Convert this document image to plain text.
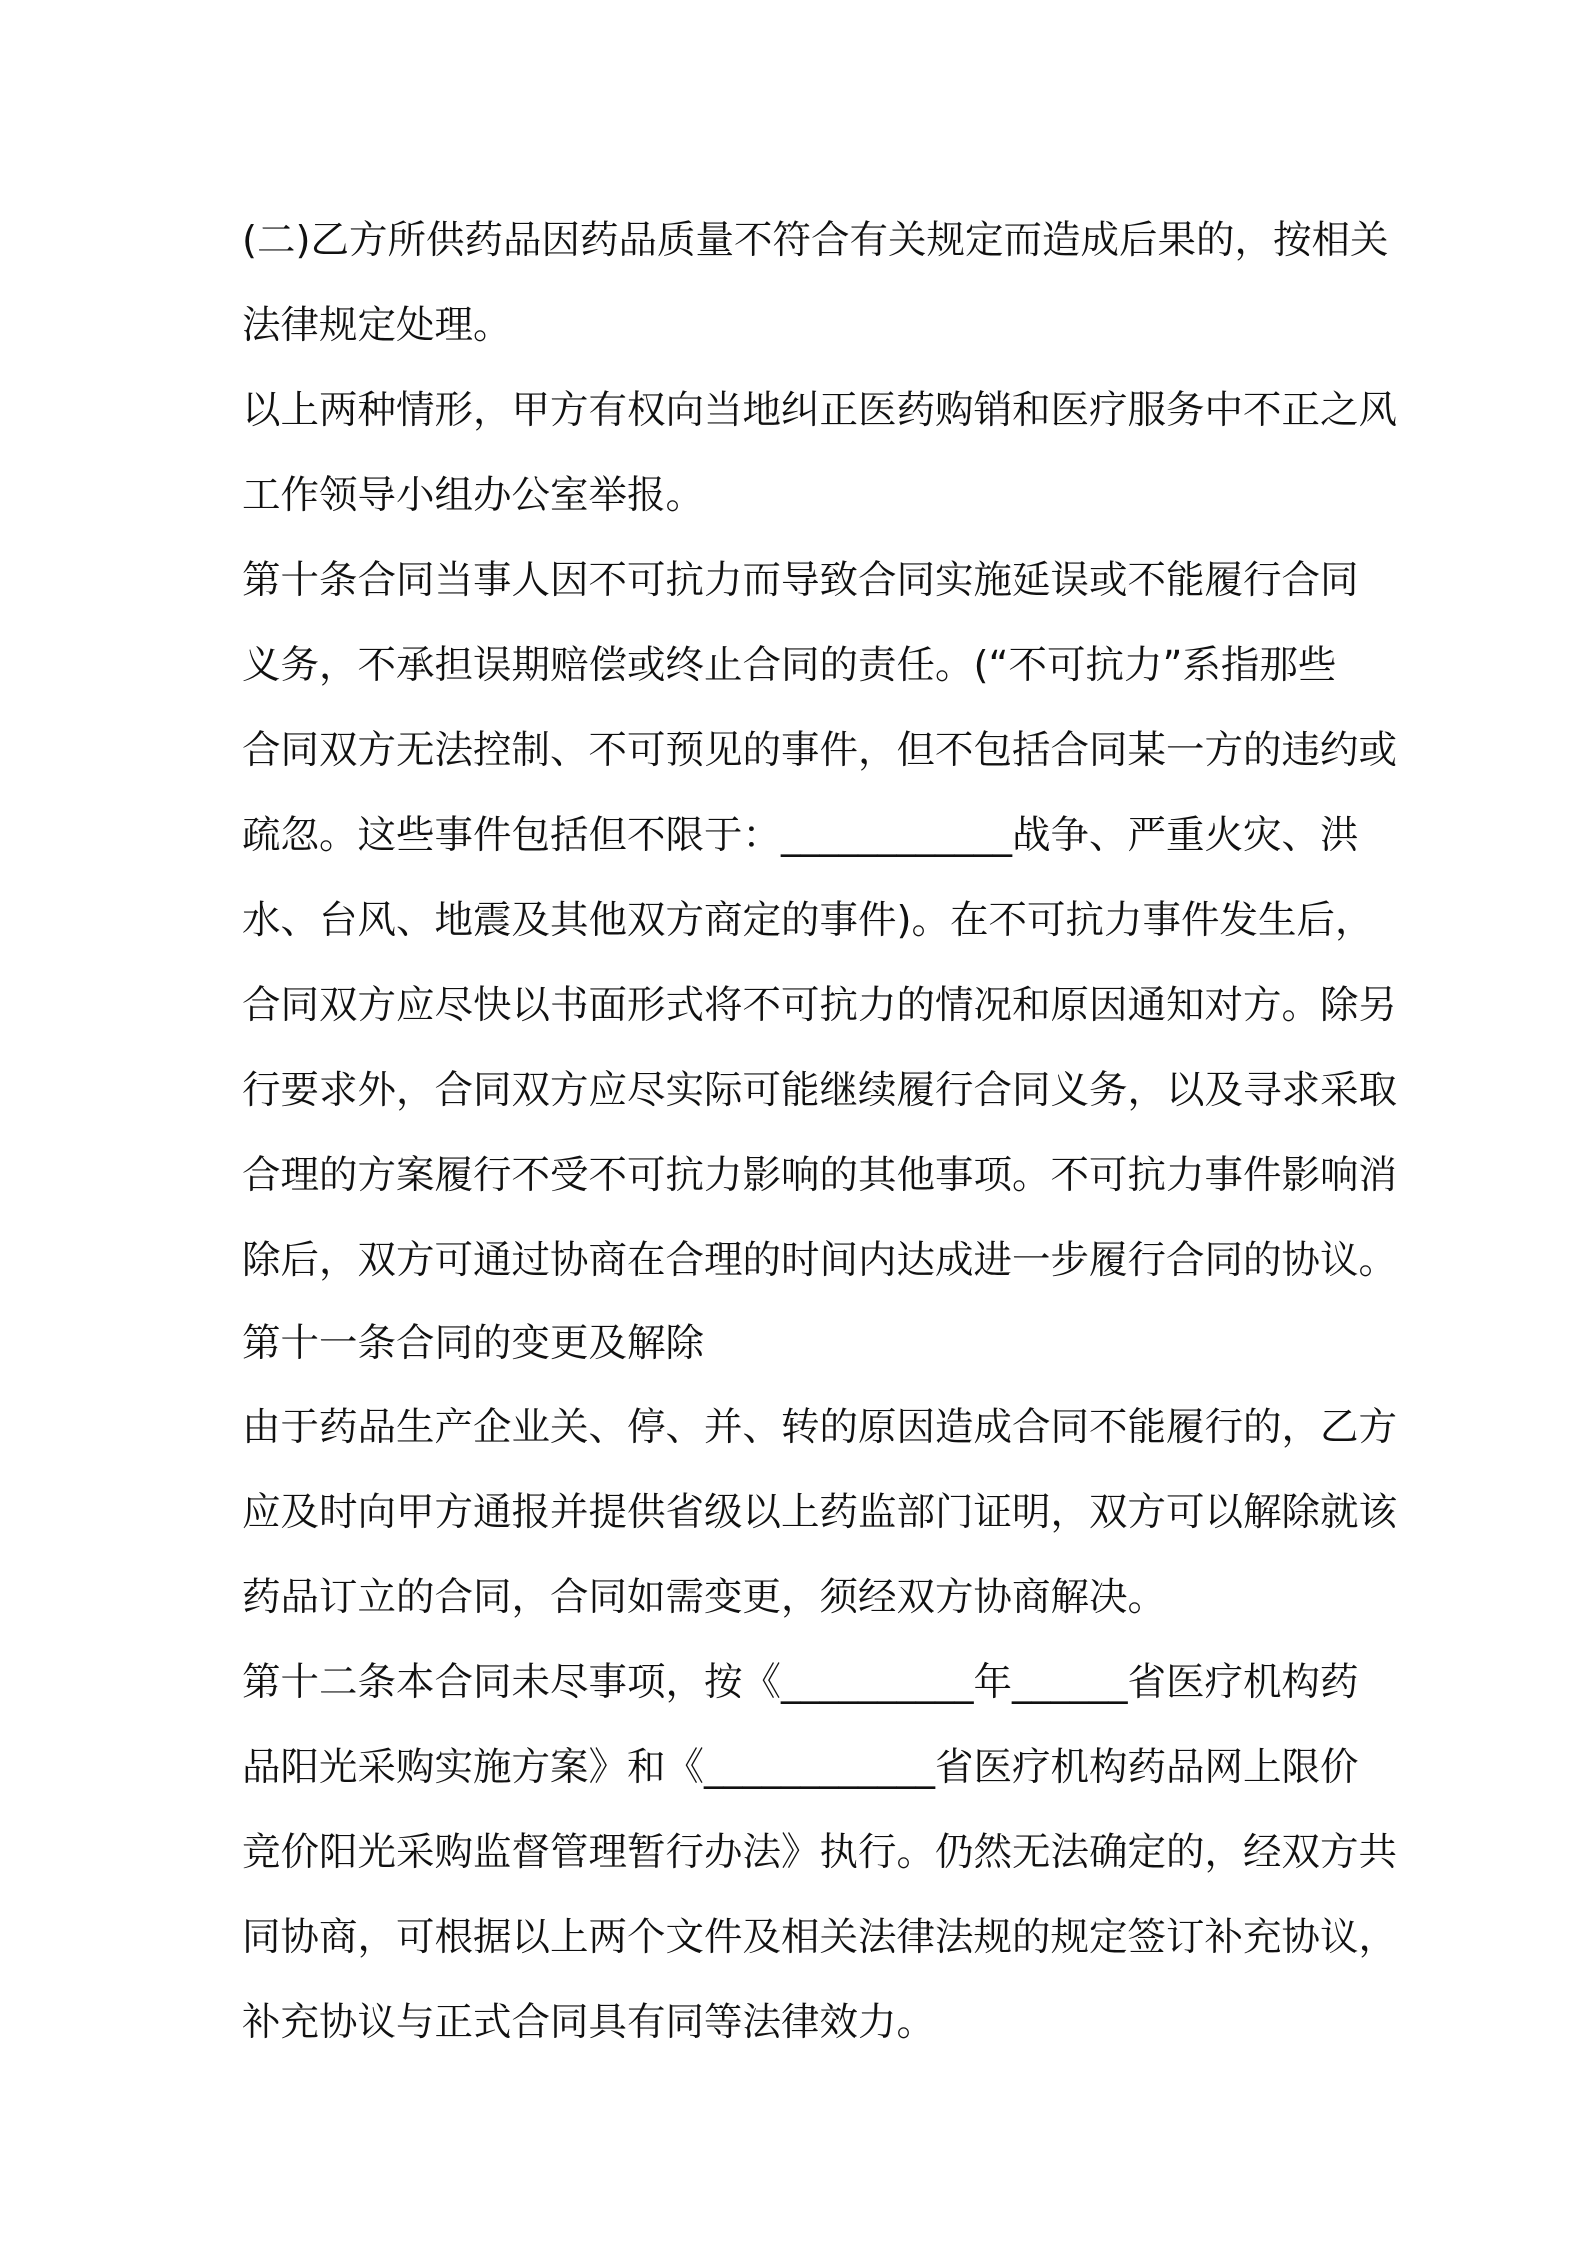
(二)乙方所供药品因药品质量不符合有关规定而造成后果的，按相关
法律规定处理。
以上两种情形，甲方有权向当地纠正医药购销和医疗服务中不正之风
工作领导小组办公室举报。
第十条合同当事人因不可抗力而导致合同实施延误或不能履行合同
义务，不承担误期赔偿或终止合同的责任。(“不可抗力”系指那些
合同双方无法控制、不可预见的事件，但不包括合同某一方的违约或
疏忽。这些事件包括但不限于：____________战争、严重火灾、洪
水、台风、地震及其他双方商定的事件)。在不可抗力事件发生后，
合同双方应尽快以书面形式将不可抗力的情况和原因通知对方。除另
行要求外，合同双方应尽实际可能继续履行合同义务，以及寻求采取
合理的方案履行不受不可抗力影响的其他事项。不可抗力事件影响消
除后，双方可通过协商在合理的时间内达成进一步履行合同的协议。
第十一条合同的变更及解除
由于药品生产企业关、停、并、转的原因造成合同不能履行的，乙方
应及时向甲方通报并提供省级以上药监部门证明，双方可以解除就该
药品订立的合同，合同如需变更，须经双方协商解决。
第十二条本合同未尽事项，按《__________年______省医疗机构药
品阳光采购实施方案》和《____________省医疗机构药品网上限价
竞价阳光采购监督管理暂行办法》执行。仍然无法确定的，经双方共
同协商，可根据以上两个文件及相关法律法规的规定签订补充协议，
补充协议与正式合同具有同等法律效力。
